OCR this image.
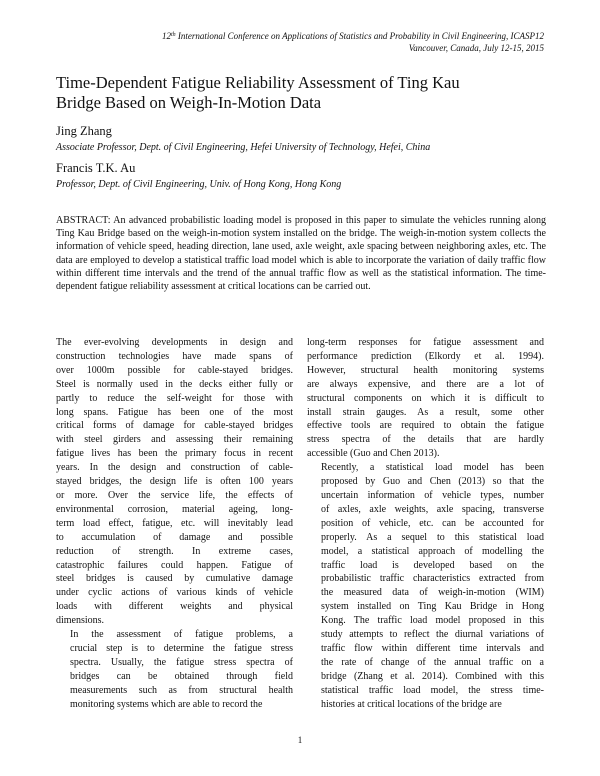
12th International Conference on Applications of Statistics and Probability in Civil Engineering, ICASP12
Vancouver, Canada, July 12-15, 2015
Time-Dependent Fatigue Reliability Assessment of Ting Kau
Bridge Based on Weigh-In-Motion Data
Jing Zhang
Associate Professor, Dept. of Civil Engineering, Hefei University of Technology, Hefei, China
Francis T.K. Au
Professor, Dept. of Civil Engineering, Univ. of Hong Kong, Hong Kong
ABSTRACT: An advanced probabilistic loading model is proposed in this paper to simulate the vehicles running along Ting Kau Bridge based on the weigh-in-motion system installed on the bridge. The weigh-in-motion system collects the information of vehicle speed, heading direction, lane used, axle weight, axle spacing between neighboring axles, etc. The data are employed to develop a statistical traffic load model which is able to incorporate the variation of daily traffic flow within different time intervals and the trend of the annual traffic flow as well as the statistical information. The time-dependent fatigue reliability assessment at critical locations can be carried out.

The ever-evolving developments in design and
construction technologies have made spans of
over 1000m possible for cable-stayed bridges.
Steel is normally used in the decks either fully or
partly to reduce the self-weight for those with
long spans. Fatigue has been one of the most
critical forms of damage for cable-stayed bridges
with steel girders and assessing their remaining
fatigue lives has been the primary focus in recent
years. In the design and construction of cable-
stayed bridges, the design life is often 100 years
or more. Over the service life, the effects of
environmental corrosion, material ageing, long-
term load effect, fatigue, etc. will inevitably lead
to accumulation of damage and possible
reduction of strength. In extreme cases,
catastrophic failures could happen. Fatigue of
steel bridges is caused by cumulative damage
under cyclic actions of various kinds of vehicle
loads with different weights and physical
dimensions.

In the assessment of fatigue problems, a
crucial step is to determine the fatigue stress
spectra. Usually, the fatigue stress spectra of
bridges can be obtained through field
measurements such as from structural health
monitoring systems which are able to record the

long-term responses for fatigue assessment and
performance prediction (Elkordy et al. 1994).
However, structural health monitoring systems
are always expensive, and there are a lot of
structural components on which it is difficult to
install strain gauges. As a result, some other
effective tools are required to obtain the fatigue
stress spectra of the details that are hardly
accessible (Guo and Chen 2013).

Recently, a statistical load model has been
proposed by Guo and Chen (2013) so that the
uncertain information of vehicle types, number
of axles, axle weights, axle spacing, transverse
position of vehicle, etc. can be accounted for
properly. As a sequel to this statistical load
model, a statistical approach of modelling the
traffic load is developed based on the
probabilistic traffic characteristics extracted from
the measured data of weigh-in-motion (WIM)
system installed on Ting Kau Bridge in Hong
Kong. The traffic load model proposed in this
study attempts to reflect the diurnal variations of
traffic flow within different time intervals and
the rate of change of the annual traffic on a
bridge (Zhang et al. 2014). Combined with this
statistical traffic load model, the stress time-
histories at critical locations of the bridge are

1
